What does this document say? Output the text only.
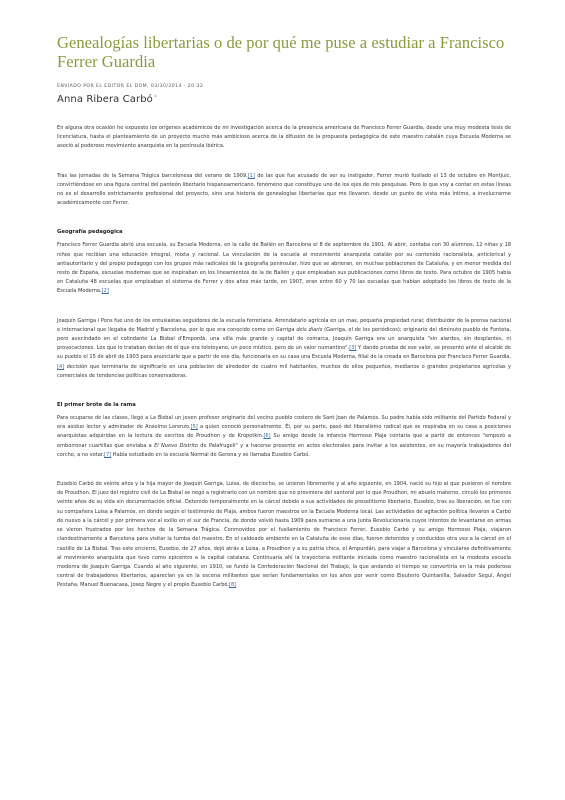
Genealogías libertarias o de por qué me puse a estudiar a Francisco Ferrer Guardia
ENVIADO POR EL EDITOR EL DOM, 03/30/2014 - 20:32
Anna Ribera Carbó*

En alguna otra ocasión he expuesto los orígenes académicos de mi investigación acerca de la presencia americana de Francisco Ferrer Guardia, desde una muy modesta tesis de licenciatura, hasta el planteamiento de un proyecto mucho más ambicioso acerca de la difusión de la propuesta pedagógica de este maestro catalán cuya Escuela Moderna se asoció al poderoso movimiento anarquista en la península ibérica.

Tras las jornadas de la Semana Trágica barcelonesa del verano de 1909,[1] de las que fue acusado de ser su instigador, Ferrer murió fusilado el 13 de octubre en Montjuic, convirtiéndose en una figura central del panteón libertario hispanoamericano, fenómeno que constituye uno de los ejes de mis pesquisas. Pero lo que voy a contar en estas líneas no es el desarrollo estrictamente profesional del proyecto, sino una historia de genealogías libertarias que me llevaron, desde un punto de vista más íntimo, a involucrarme académicamente con Ferrer.

Geografía pedagógica

Francisco Ferrer Guardia abrió una escuela, su Escuela Moderna, en la calle de Bailén en Barcelona el 8 de septiembre de 1901. Al abrir, contaba con 30 alumnos, 12 niñas y 18 niños que recibían una educación integral, mixta y racional. La vinculación de la escuela al movimiento anarquista catalán por su contenido racionalista, anticlerical y antiautoritario y del propio pedagogo con los grupos más radicales de la geografía peninsular, hizo que se abrieran, en muchas poblaciones de Cataluña, y en menor medida del resto de España, escuelas modernas que se inspiraban en los lineamientos de la de Bailén y que empleaban sus publicaciones como libros de texto. Para octubre de 1905 había en Cataluña 48 escuelas que empleaban el sistema de Ferrer y dos años más tarde, en 1907, eran entre 60 y 70 las escuelas que habían adoptado los libros de texto de la Escuela Moderna.[2]

Joaquín Garriga i Pons fue uno de los entusiastas seguidores de la escuela ferreriana. Arrendatario agrícola en un mas, pequeña propiedad rural; distribuidor de la prensa nacional e internacional que llegaba de Madrid y Barcelona, por lo que era conocido como en Garriga dels diaris (Garriga, el de los periódicos); originario del diminuto pueblo de Fonteta, pero avecindado en el colindante La Bisbal d'Empordà, una villa más grande y capital de comarca, Joaquín Garriga era un anarquista "sin alardes, sin desplantes, ni provocaciones. Los que lo trataban decían de él que era tolstoyano, un poco místico, pero de un valor numantino".[3] Y dando prueba de ese valor, se presentó ante el alcalde de su pueblo el 15 de abril de 1903 para anunciarle que a partir de ese día, funcionaría en su casa una Escuela Moderna, filial de la creada en Barcelona por Francisco Ferrer Guardia,[4] decisión que terminaría de significarlo en una población de alrededor de cuatro mil habitantes, muchos de ellos pequeños, medianos o grandes propietarios agrícolas y comerciales de tendencias políticas conservadoras.

El primer brote de la rama

Para ocuparse de las clases, llegó a La Bisbal un joven profesor originario del vecino pueblo costero de Sant Joan de Palamós. Su padre había sido militante del Partido Federal y era asiduo lector y admirador de Anselmo Lorenzo,[5] a quien conoció personalmente. Él, por su parte, pasó del liberalismo radical que se respiraba en su casa a posiciones anarquistas adquiridas en la lectura de escritos de Proudhon y de Kropotkin.[6] Su amigo desde la infancia Hermoso Plaja contaría que a partir de entonces "empezó a emborronar cuartillas que enviaba a El Nuevo Distrito de Palafrugell" y a hacerse presente en actos electorales para invitar a los asistentes, en su mayoría trabajadores del corcho, a no votar.[7] Había estudiado en la escuela Normal de Gerona y se llamaba Eusebio Carbó.

Eusebio Carbó de veinte años y la hija mayor de Joaquín Garriga, Luisa, de dieciocho, se unieron libremente y al año siguiente, en 1904, nació su hijo al que pusieron el nombre de Proudhon. El juez del registro civil de La Bisbal se negó a registrarlo con un nombre que no proviniera del santoral por lo que Proudhon, mi abuelo materno, circuló los primeros veinte años de su vida sin documentación oficial. Detenido temporalmente en la cárcel debido a sus actividades de proselitismo libertario, Eusebio, tras su liberación, se fue con su compañera Luisa a Palamós, en donde según el testimonio de Plaja, ambos fueron maestros en la Escuela Moderna local. Las actividades de agitación política llevaron a Carbó de nuevo a la cárcel y por primera vez al exilio en el sur de Francia, de donde volvió hasta 1909 para sumarse a una Junta Revolucionaria cuyos intentos de levantarse en armas se vieron frustrados por los hechos de la Semana Trágica. Conmovidos por el fusilamiento de Francisco Ferrer, Eusebio Carbó y su amigo Hermoso Plaja, viajaron clandestinamente a Barcelona para visitar la tumba del maestro. En el caldeado ambiente en la Cataluña de esos días, fueron detenidos y conducidos otra vez a la cárcel en el castillo de La Bisbal. Tras este encierro, Eusebio, de 27 años, dejó atrás a Luisa, a Proudhon y a su patria chica, el Ampurdán, para viajar a Barcelona y vincularse definitivamente al movimiento anarquista que tuvo como epicentro a la capital catalana. Continuaría ahí la trayectoria militante iniciada como maestro racionalista en la modesta escuela moderna de Joaquín Garriga. Cuando al año siguiente, en 1910, se fundó la Confederación Nacional del Trabajo, la que andando el tiempo se convertiría en la más poderosa central de trabajadores libertarios, aparecían ya en la escena militantes que serían fundamentales en los años por venir como Eleuterio Quintanilla, Salvador Seguí, Ángel Pestaña, Manuel Buenacasa, Josep Negre y el propio Eusebio Carbó.[8]
